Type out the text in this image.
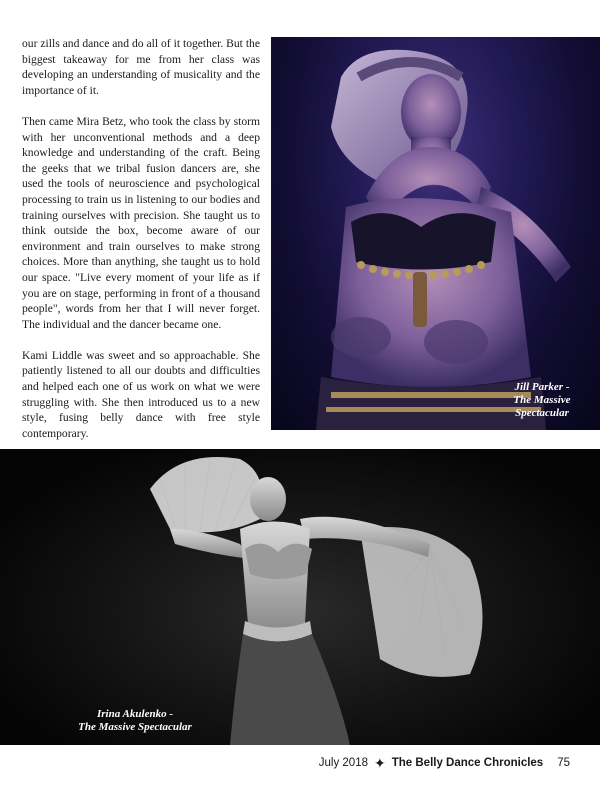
our zills and dance and do all of it together. But the biggest takeaway for me from her class was developing an understanding of musicality and the importance of it.

Then came Mira Betz, who took the class by storm with her unconventional methods and a deep knowledge and understanding of the craft. Being the geeks that we tribal fusion dancers are, she used the tools of neuroscience and psychological processing to train us in listening to our bodies and training ourselves with precision. She taught us to think outside the box, become aware of our environment and train ourselves to make strong choices. More than anything, she taught us to hold our space. "Live every moment of your life as if you are on stage, performing in front of a thousand people", words from her that I will never forget. The individual and the dancer became one.

Kami Liddle was sweet and so approachable. She patiently listened to all our doubts and difficulties and helped each one of us work on what we were struggling with. She then introduced us to a new style, fusing belly dance with free style contemporary.

Jill Parker -
The Massive
Spectacular
Irina Akulenko -
The Massive Spectacular
July 2018 ✦ The Belly Dance Chronicles 75
